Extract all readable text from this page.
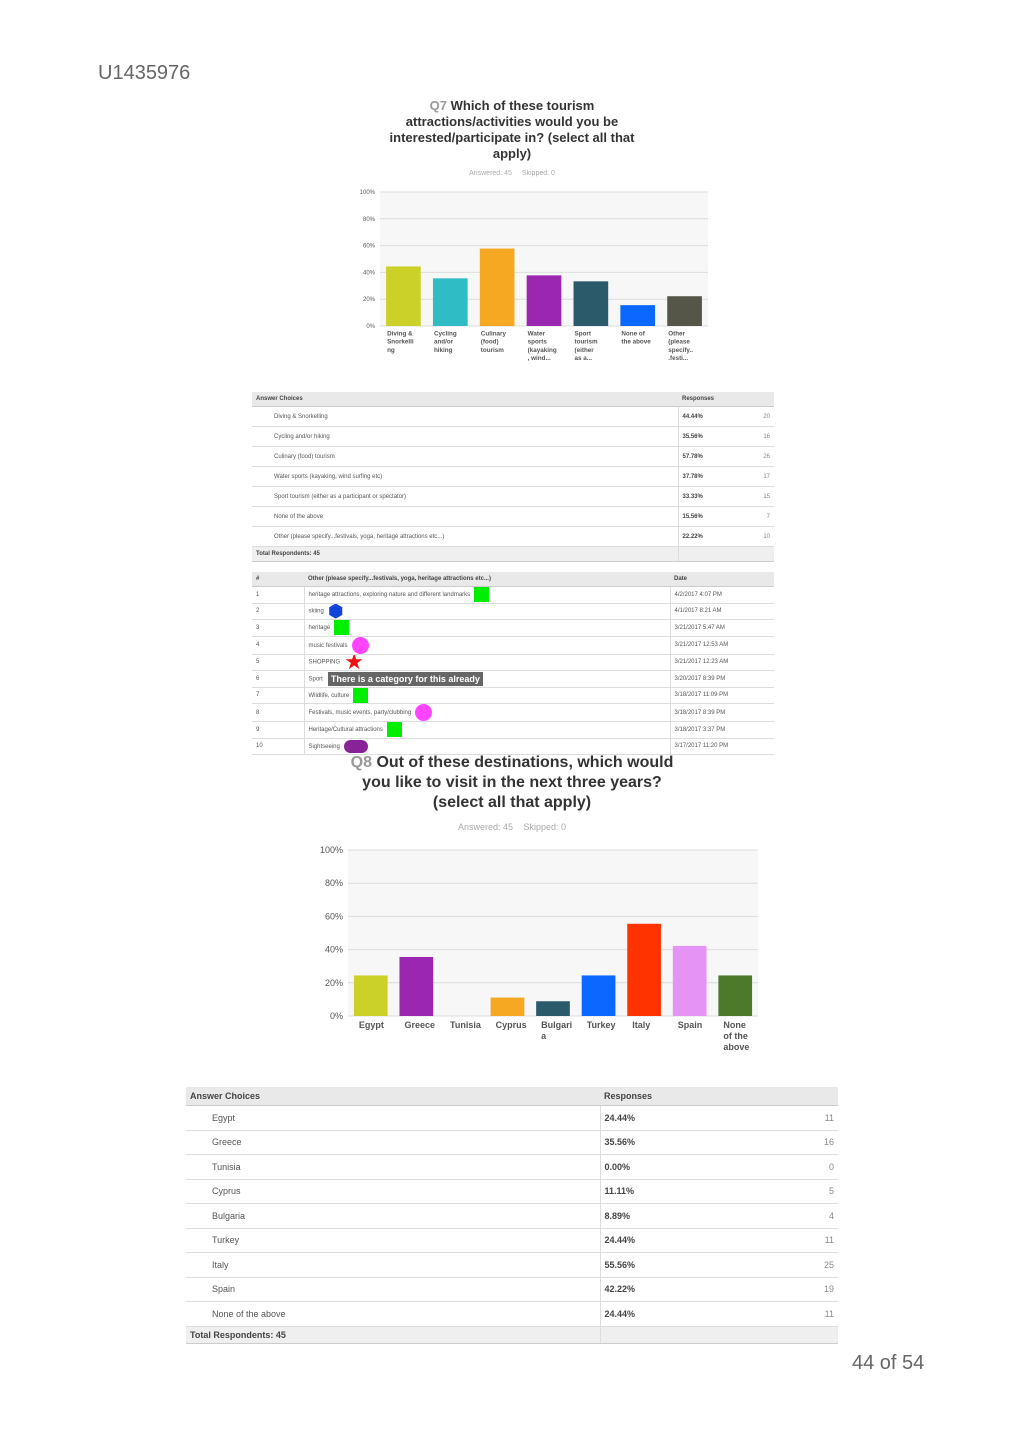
U1435976
Q7 Which of these tourism attractions/activities would you be interested/participate in? (select all that apply)
Answered: 45 Skipped: 0
0%
20%
40%
60%
80%
100%
Diving & Snorkelli ng
Cycling and/or hiking
Culinary (food) tourism
Water sports (kayaking , wind...
Sport tourism (either as a...
None of the above
Other (please specify.. .festi...
Answer Choices	Responses	
Diving & Snorkelling	44.44%	20
Cycling and/or hiking	35.56%	16
Culinary (food) tourism	57.78%	26
Water sports (kayaking, wind surfing etc)	37.78%	17
Sport tourism (either as a participant or spectator)	33.33%	15
None of the above	15.56%	7
Other (please specify...festivals, yoga, heritage attractions etc...)	22.22%	10
Total Respondents: 45		
#	Other (please specify...festivals, yoga, heritage attractions etc...)	Date
1	heritage attractions, exploring nature and different landmarks	4/2/2017 4:07 PM
2	skiing ⬢	4/1/2017 8:21 AM
3	heritage	3/21/2017 5:47 AM
4	music festivals	3/21/2017 12:53 AM
5	SHOPPING ★	3/21/2017 12:23 AM
6	Sport There is a category for this already	3/20/2017 8:39 PM
7	Wildlife, culture	3/18/2017 11:09 PM
8	Festivals, music events, party/clubbing	3/18/2017 8:39 PM
9	Heritage/Cultural attractions	3/18/2017 3:37 PM
10	Sightseeing	3/17/2017 11:20 PM
Q8 Out of these destinations, which would you like to visit in the next three years? (select all that apply)
Answered: 45 Skipped: 0
0%
20%
40%
60%
80%
100%
Egypt Greece Tunisia Cyprus Bulgari a
Turkey Italy	Spain None of the above
Answer Choices	Responses	
Egypt	24.44%	11
Greece	35.56%	16
Tunisia	0.00%	0
Cyprus	11.11%	5
Bulgaria	8.89%	4
Turkey	24.44%	11
Italy	55.56%	25
Spain	42.22%	19
None of the above	24.44%	11
Total Respondents: 45		
44 of 54
